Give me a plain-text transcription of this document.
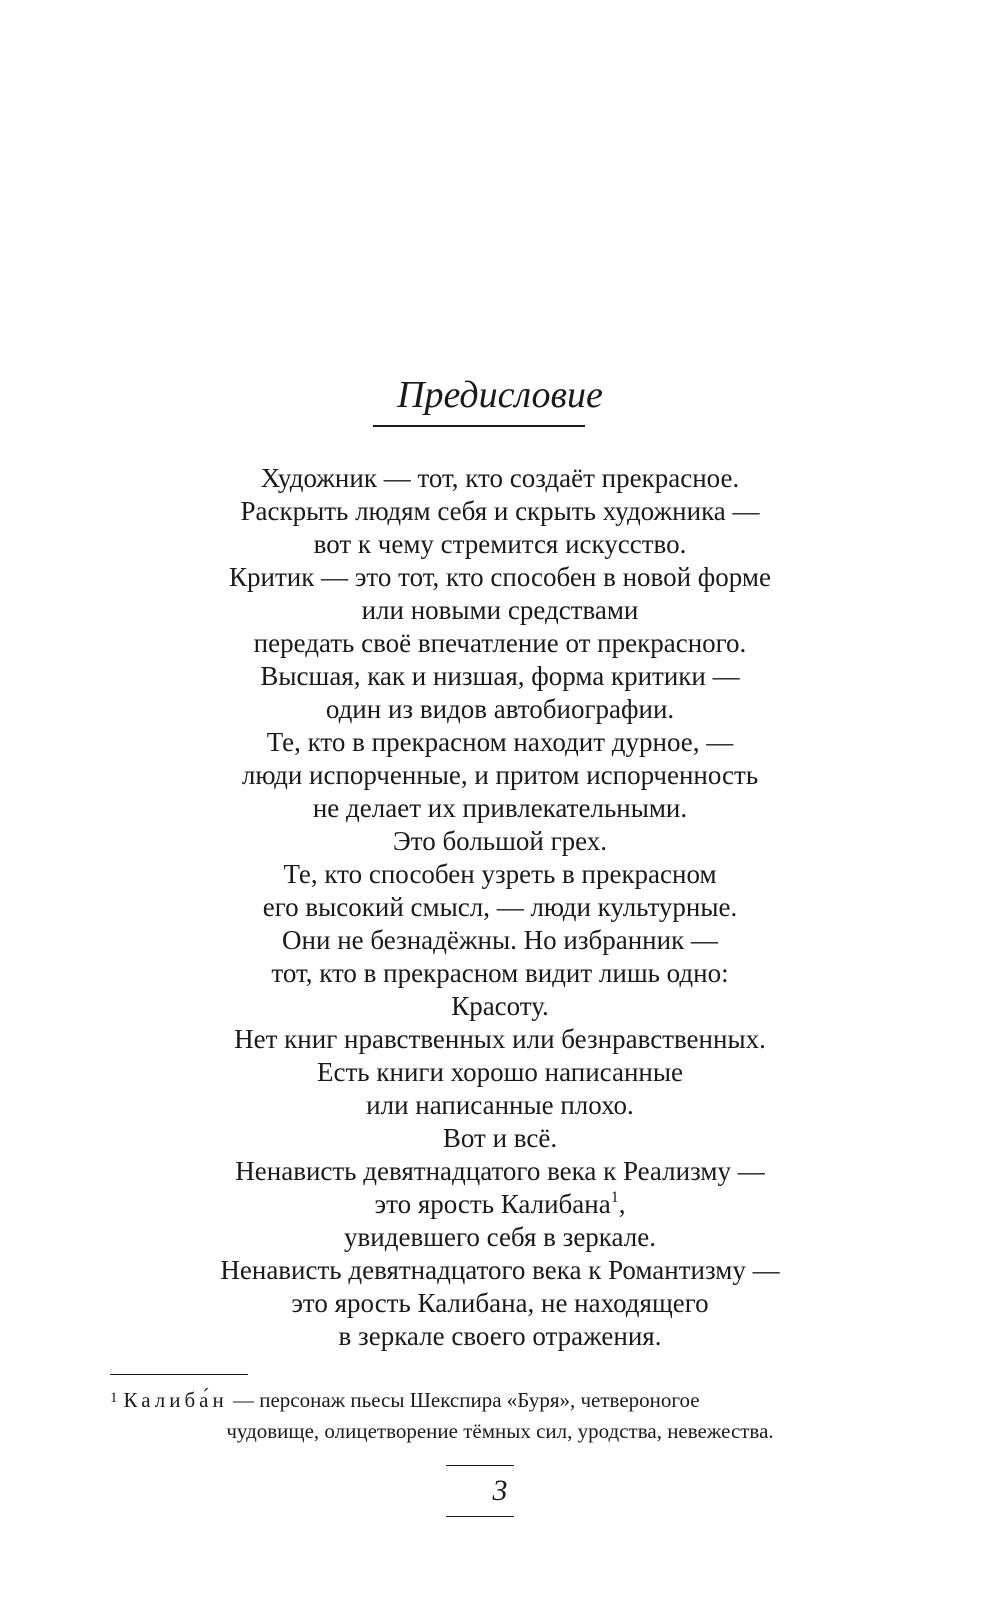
Предисловие
Художник — тот, кто создаёт прекрасное.
Раскрыть людям себя и скрыть художника —
вот к чему стремится искусство.
Критик — это тот, кто способен в новой форме
или новыми средствами
передать своё впечатление от прекрасного.
Высшая, как и низшая, форма критики —
один из видов автобиографии.
Те, кто в прекрасном находит дурное, —
люди испорченные, и притом испорченность
не делает их привлекательными.
Это большой грех.
Те, кто способен узреть в прекрасном
его высокий смысл, — люди культурные.
Они не безнадёжны. Но избранник —
тот, кто в прекрасном видит лишь одно:
Красоту.
Нет книг нравственных или безнравственных.
Есть книги хорошо написанные
или написанные плохо.
Вот и всё.
Ненависть девятнадцатого века к Реализму —
это ярость Калибана$^1$,
увидевшего себя в зеркале.
Ненависть девятнадцатого века к Романтизму —
это ярость Калибана, не находящего
в зеркале своего отражения.

$^1$ Калиба́н — персонаж пьесы Шекспира «Буря», четвероногое
чудовище, олицетворение тёмных сил, уродства, невежества.

3
